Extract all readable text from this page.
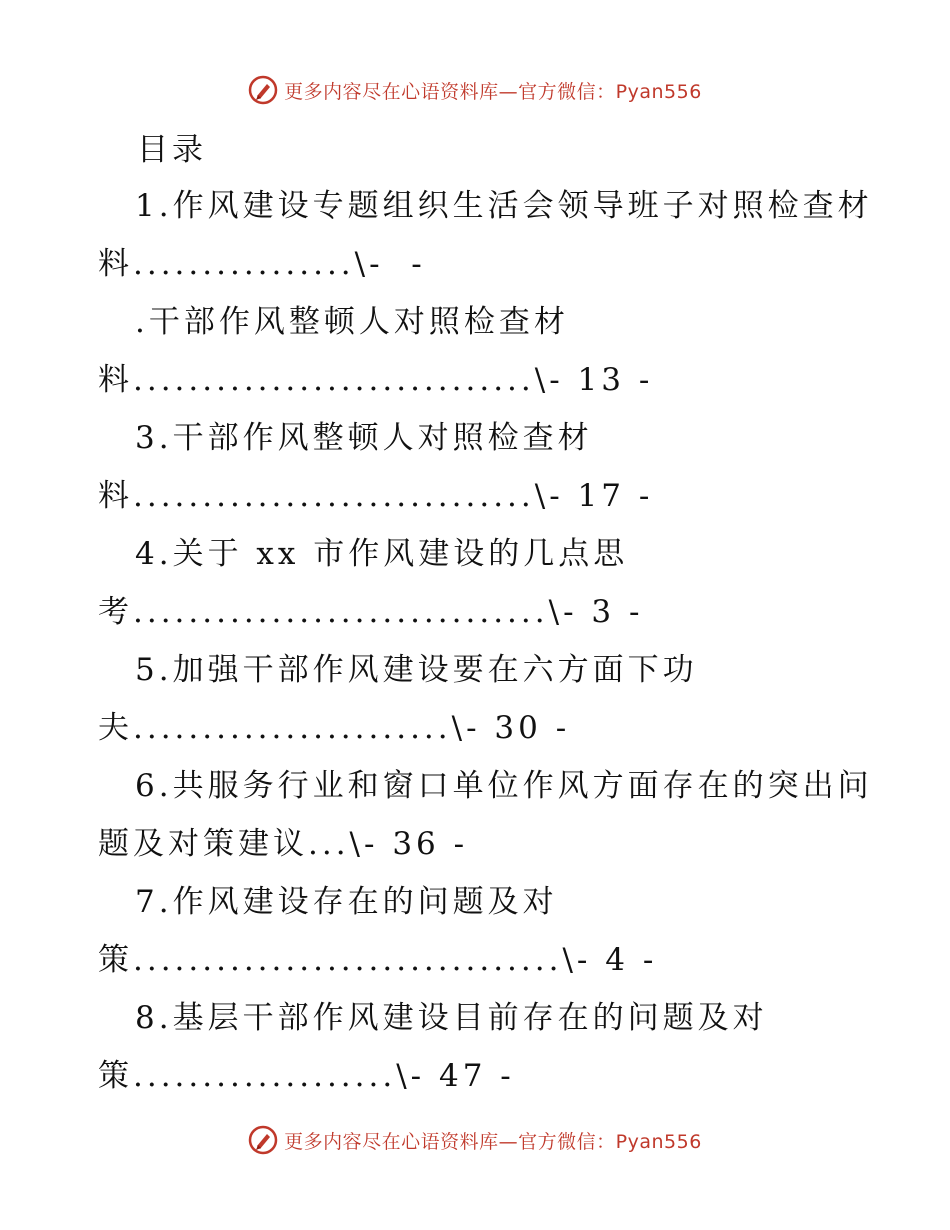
更多内容尽在心语资料库—官方微信：Pyan556
目录
1.作风建设专题组织生活会领导班子对照检查材
料................\-  -
.干部作风整顿人对照检查材
料.............................\- 13 -
3.干部作风整顿人对照检查材
料.............................\- 17 -
4.关于 xx 市作风建设的几点思
考..............................\- 3 -
5.加强干部作风建设要在六方面下功
夫.......................\- 30 -
6.共服务行业和窗口单位作风方面存在的突出问
题及对策建议...\- 36 -
7.作风建设存在的问题及对
策...............................\- 4 -
8.基层干部作风建设目前存在的问题及对
策...................\- 47 -
更多内容尽在心语资料库—官方微信：Pyan556
